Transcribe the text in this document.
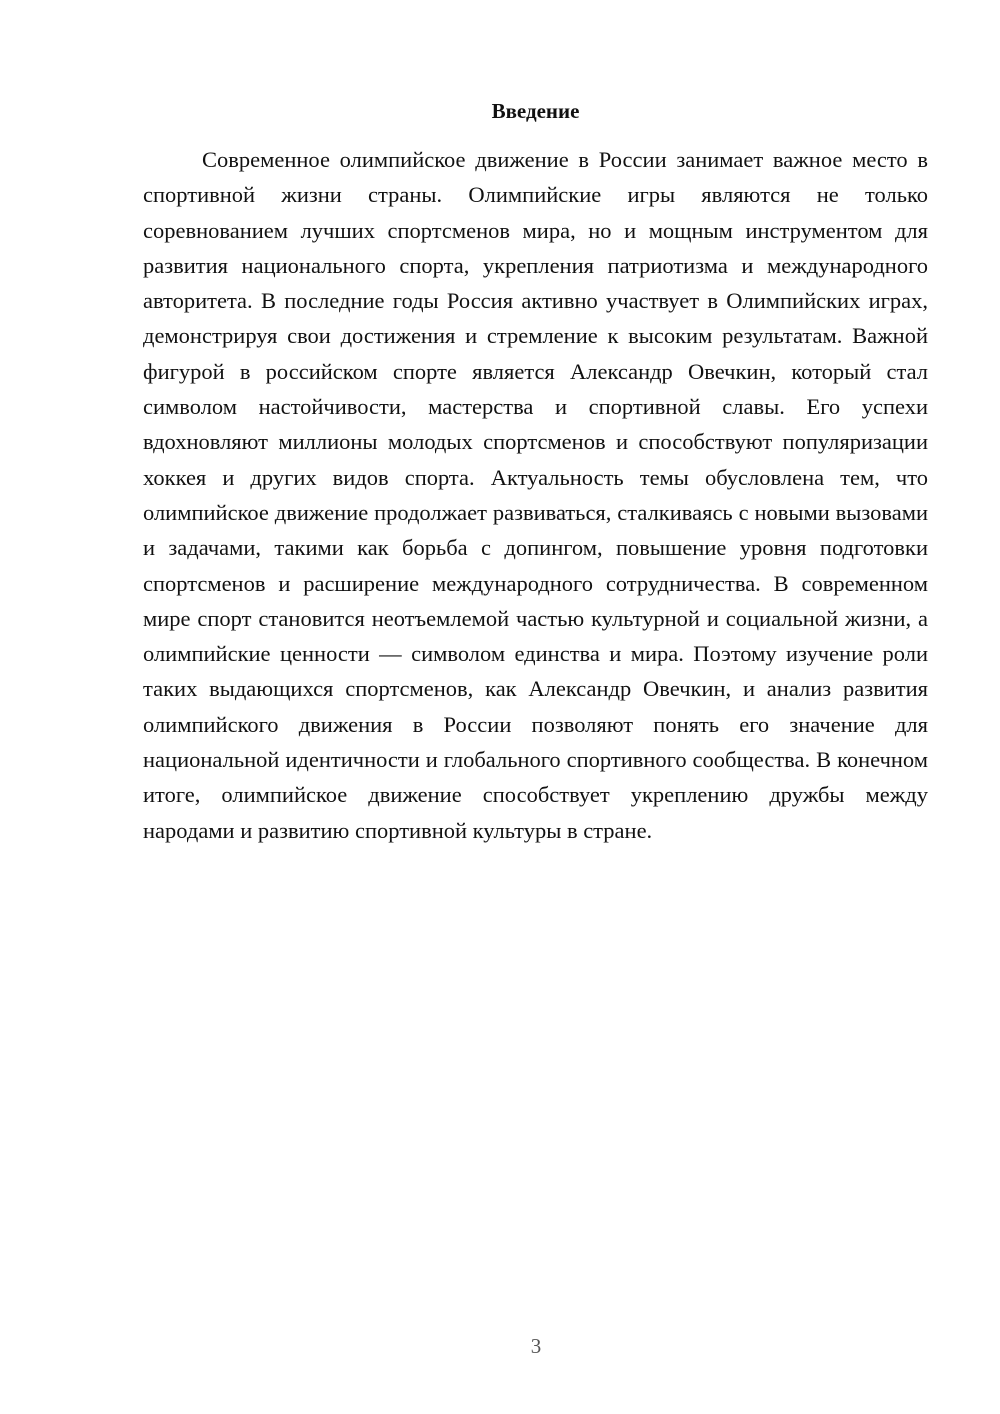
Введение

Современное олимпийское движение в России занимает важное место в спортивной жизни страны. Олимпийские игры являются не только соревнованием лучших спортсменов мира, но и мощным инструментом для развития национального спорта, укрепления патриотизма и международного авторитета. В последние годы Россия активно участвует в Олимпийских играх, демонстрируя свои достижения и стремление к высоким результатам. Важной фигурой в российском спорте является Александр Овечкин, который стал символом настойчивости, мастерства и спортивной славы. Его успехи вдохновляют миллионы молодых спортсменов и способствуют популяризации хоккея и других видов спорта. Актуальность темы обусловлена тем, что олимпийское движение продолжает развиваться, сталкиваясь с новыми вызовами и задачами, такими как борьба с допингом, повышение уровня подготовки спортсменов и расширение международного сотрудничества. В современном мире спорт становится неотъемлемой частью культурной и социальной жизни, а олимпийские ценности — символом единства и мира. Поэтому изучение роли таких выдающихся спортсменов, как Александр Овечкин, и анализ развития олимпийского движения в России позволяют понять его значение для национальной идентичности и глобального спортивного сообщества. В конечном итоге, олимпийское движение способствует укреплению дружбы между народами и развитию спортивной культуры в стране.

3
